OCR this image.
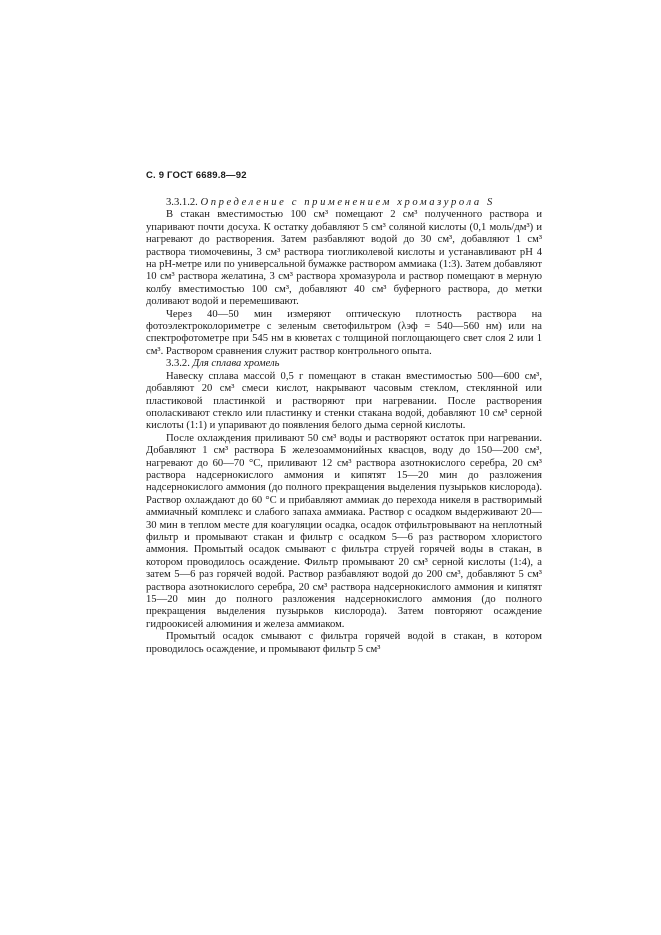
С. 9 ГОСТ 6689.8—92

3.3.1.2. Определение с применением хромазурола S

В стакан вместимостью 100 см³ помещают 2 см³ полученного раствора и упаривают почти досуха. К остатку добавляют 5 см³ соляной кислоты (0,1 моль/дм³) и нагревают до растворения. Затем разбавляют водой до 30 см³, добавляют 1 см³ раствора тиомочевины, 3 см³ раствора тиогликолевой кислоты и устанавливают pH 4 на pH-метре или по универсальной бумажке раствором аммиака (1:3). Затем добавляют 10 см³ раствора желатина, 3 см³ раствора хромазурола и раствор помещают в мерную колбу вместимостью 100 см³, добавляют 40 см³ буферного раствора, до метки доливают водой и перемешивают.

Через 40—50 мин измеряют оптическую плотность раствора на фотоэлектроколориметре с зеленым светофильтром (λэф = 540—560 нм) или на спектрофотометре при 545 нм в кюветах с толщиной поглощающего свет слоя 2 или 1 см³. Раствором сравнения служит раствор контрольного опыта.

3.3.2. Для сплава хромель

Навеску сплава массой 0,5 г помещают в стакан вместимостью 500—600 см³, добавляют 20 см³ смеси кислот, накрывают часовым стеклом, стеклянной или пластиковой пластинкой и растворяют при нагревании. После растворения ополаскивают стекло или пластинку и стенки стакана водой, добавляют 10 см³ серной кислоты (1:1) и упаривают до появления белого дыма серной кислоты.

После охлаждения приливают 50 см³ воды и растворяют остаток при нагревании. Добавляют 1 см³ раствора Б железоаммонийных квасцов, воду до 150—200 см³, нагревают до 60—70 °С, приливают 12 см³ раствора азотнокислого серебра, 20 см³ раствора надсернокислого аммония и кипятят 15—20 мин до разложения надсернокислого аммония (до полного прекращения выделения пузырьков кислорода). Раствор охлаждают до 60 °С и прибавляют аммиак до перехода никеля в растворимый аммиачный комплекс и слабого запаха аммиака. Раствор с осадком выдерживают 20—30 мин в теплом месте для коагуляции осадка, осадок отфильтровывают на неплотный фильтр и промывают стакан и фильтр с осадком 5—6 раз раствором хлористого аммония. Промытый осадок смывают с фильтра струей горячей воды в стакан, в котором проводилось осаждение. Фильтр промывают 20 см³ серной кислоты (1:4), а затем 5—6 раз горячей водой. Раствор разбавляют водой до 200 см³, добавляют 5 см³ раствора азотнокислого серебра, 20 см³ раствора надсернокислого аммония и кипятят 15—20 мин до полного разложения надсернокислого аммония (до полного прекращения выделения пузырьков кислорода). Затем повторяют осаждение гидроокисей алюминия и железа аммиаком.

Промытый осадок смывают с фильтра горячей водой в стакан, в котором проводилось осаждение, и промывают фильтр 5 см³
